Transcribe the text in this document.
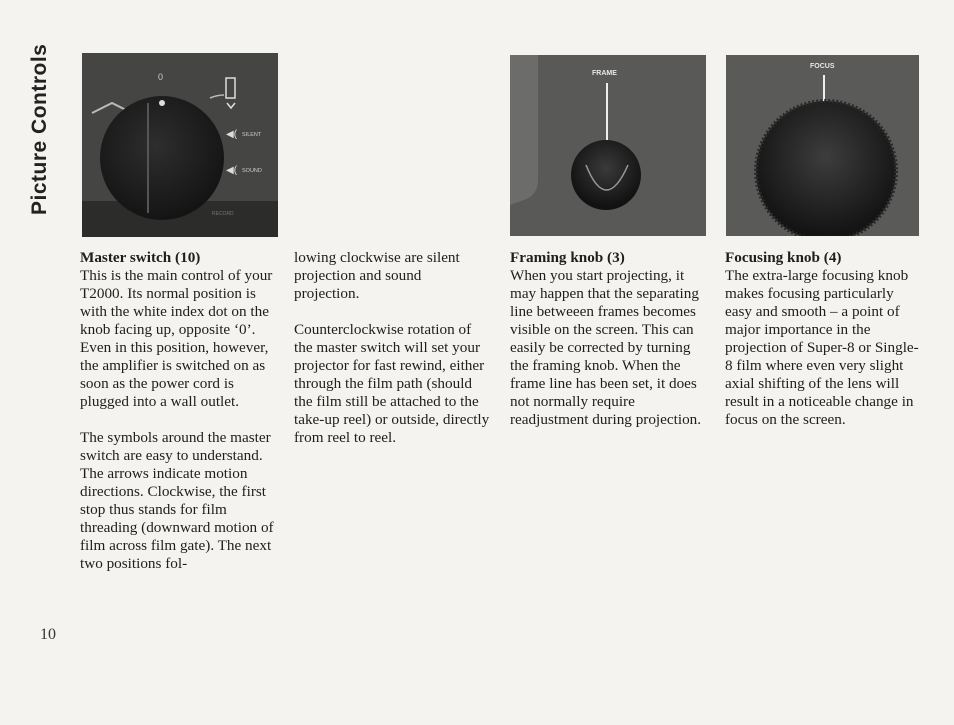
Picture Controls	0
◀( SILENT
◀( SOUND
RECORD
FRAME
FOCUS
Master switch (10)

This is the main control of your T2000. Its normal position is with the white index dot on the knob facing up, opposite ‘0’. Even in this position, however, the amplifier is switched on as soon as the power cord is plugged into a wall outlet.

The symbols around the master switch are easy to understand. The arrows indicate motion directions. Clockwise, the first stop thus stands for film threading (downward motion of film across film gate). The next two positions fol-

lowing clockwise are silent projection and sound projection.

Counterclockwise rotation of the master switch will set your projector for fast rewind, either through the film path (should the film still be attached to the take-up reel) or outside, directly from reel to reel.

Framing knob (3)

When you start projecting, it may happen that the separating line betweeen frames becomes visible on the screen. This can easily be corrected by turning the framing knob. When the frame line has been set, it does not normally require readjustment during projection.

Focusing knob (4)

The extra-large focusing knob makes focusing particularly easy and smooth – a point of major importance in the projection of Super-8 or Single-8 film where even very slight axial shifting of the lens will result in a noticeable change in focus on the screen.

10
